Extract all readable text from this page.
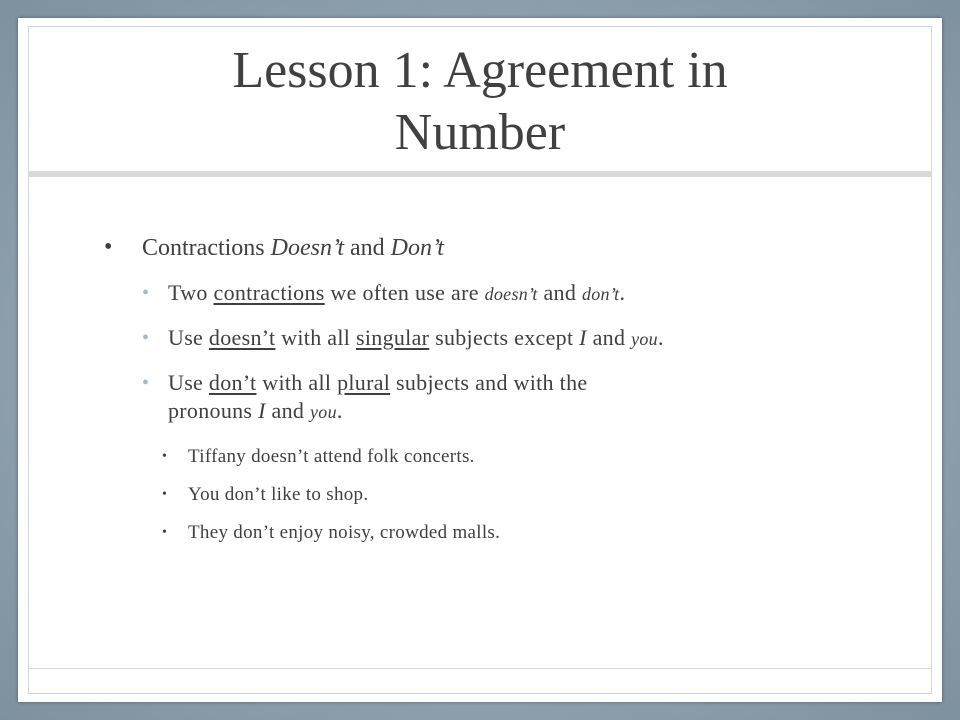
Lesson 1: Agreement in
Number
• Contractions Doesn’t and Don’t
• Two contractions we often use are doesn’t and don’t.
• Use doesn’t with all singular subjects except I and you.
• Use don’t with all plural subjects and with the
pronouns I and you.
• Tiffany doesn’t attend folk concerts.
• You don’t like to shop.
• They don’t enjoy noisy, crowded malls.
